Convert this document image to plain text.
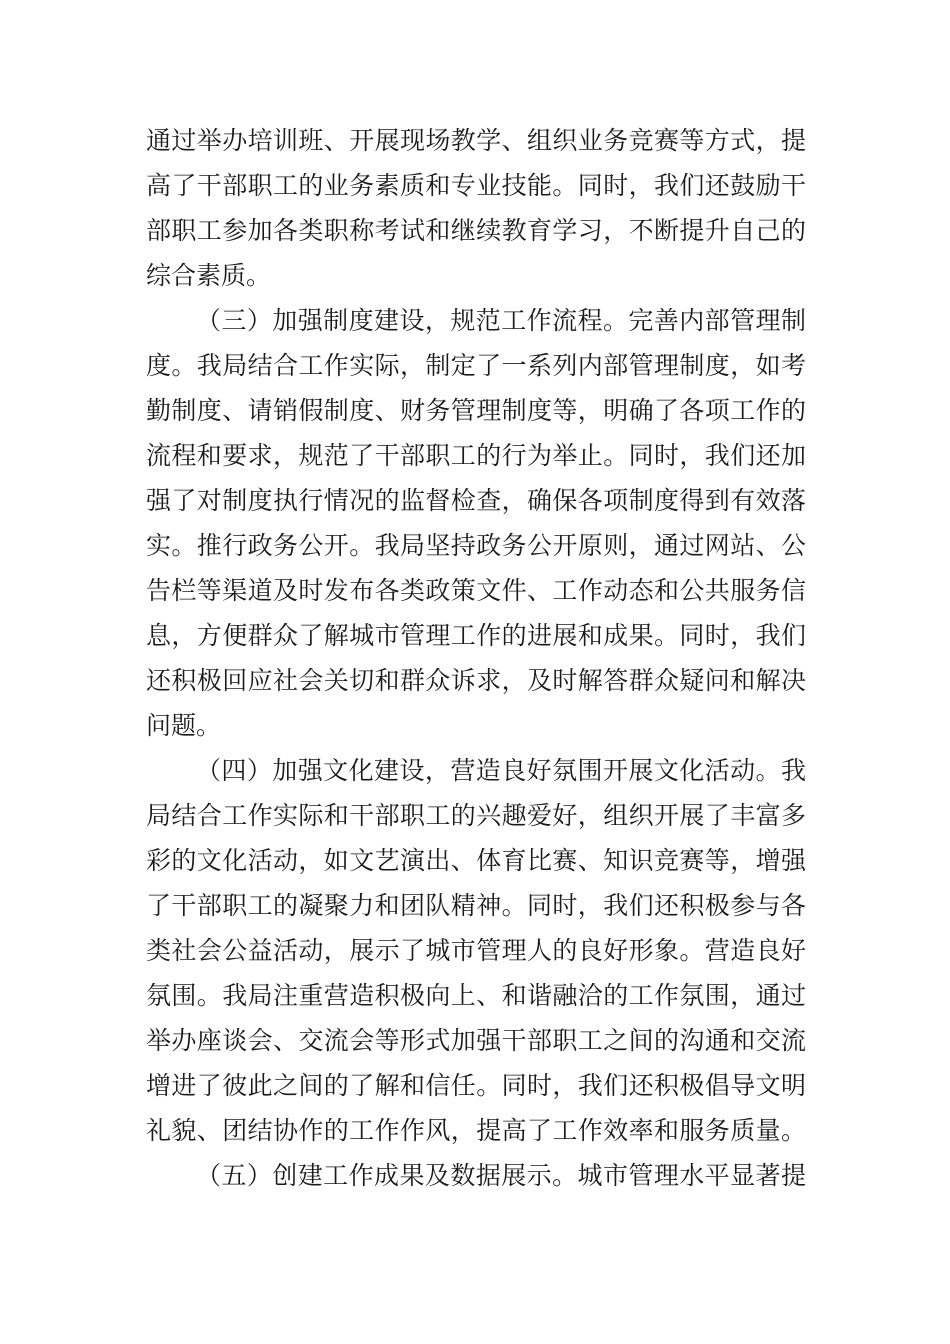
通过举办培训班、开展现场教学、组织业务竞赛等方式，提
高了干部职工的业务素质和专业技能。同时，我们还鼓励干
部职工参加各类职称考试和继续教育学习，不断提升自己的
综合素质。
（三）加强制度建设，规范工作流程。完善内部管理制
度。我局结合工作实际，制定了一系列内部管理制度，如考
勤制度、请销假制度、财务管理制度等，明确了各项工作的
流程和要求，规范了干部职工的行为举止。同时，我们还加
强了对制度执行情况的监督检查，确保各项制度得到有效落
实。推行政务公开。我局坚持政务公开原则，通过网站、公
告栏等渠道及时发布各类政策文件、工作动态和公共服务信
息，方便群众了解城市管理工作的进展和成果。同时，我们
还积极回应社会关切和群众诉求，及时解答群众疑问和解决
问题。
（四）加强文化建设，营造良好氛围开展文化活动。我
局结合工作实际和干部职工的兴趣爱好，组织开展了丰富多
彩的文化活动，如文艺演出、体育比赛、知识竞赛等，增强
了干部职工的凝聚力和团队精神。同时，我们还积极参与各
类社会公益活动，展示了城市管理人的良好形象。营造良好
氛围。我局注重营造积极向上、和谐融洽的工作氛围，通过
举办座谈会、交流会等形式加强干部职工之间的沟通和交流
增进了彼此之间的了解和信任。同时，我们还积极倡导文明
礼貌、团结协作的工作作风，提高了工作效率和服务质量。
（五）创建工作成果及数据展示。城市管理水平显著提
